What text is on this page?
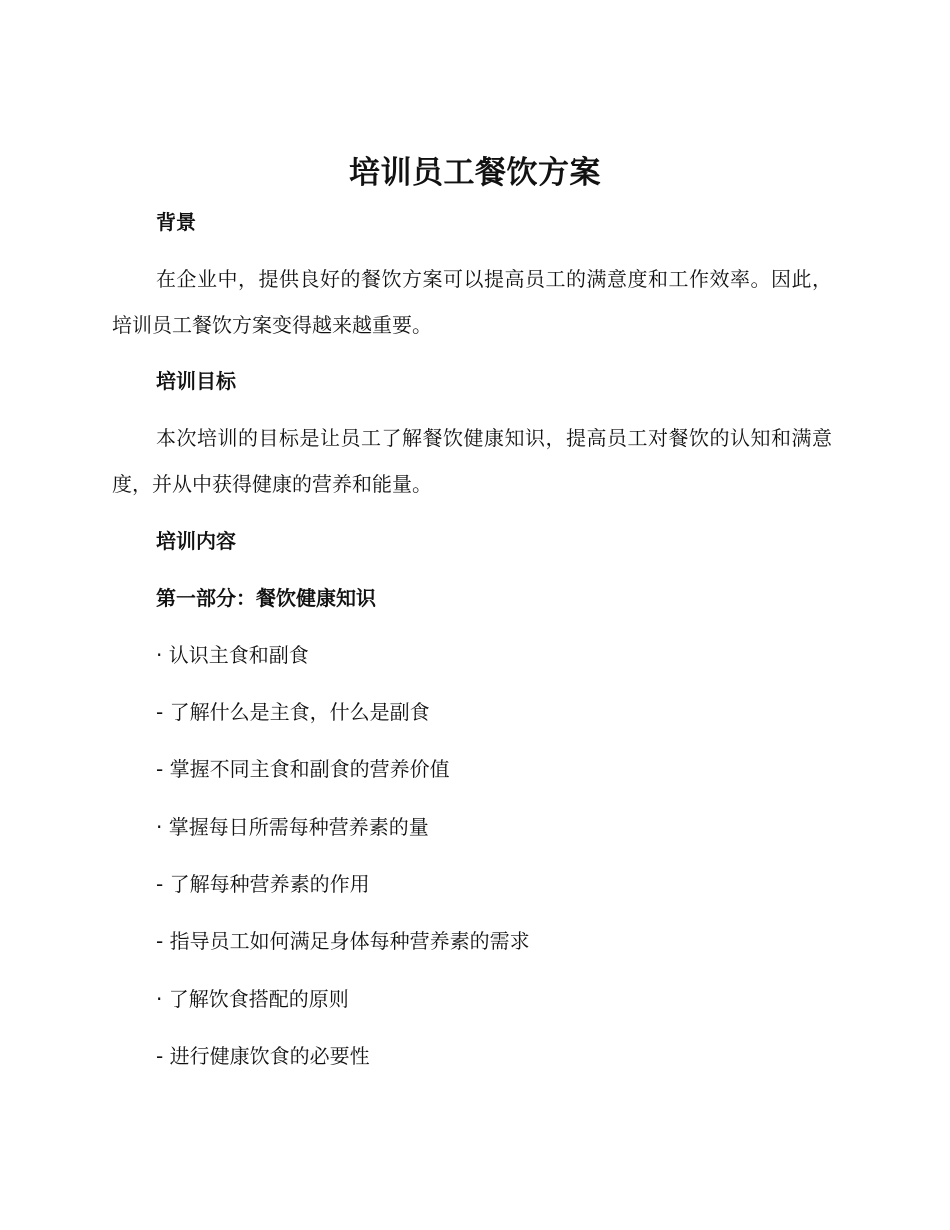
培训员工餐饮方案
背景
在企业中，提供良好的餐饮方案可以提高员工的满意度和工作效率。因此，培训员工餐饮方案变得越来越重要。
培训目标
本次培训的目标是让员工了解餐饮健康知识，提高员工对餐饮的认知和满意度，并从中获得健康的营养和能量。
培训内容
第一部分：餐饮健康知识
· 认识主食和副食
- 了解什么是主食，什么是副食
- 掌握不同主食和副食的营养价值
· 掌握每日所需每种营养素的量
- 了解每种营养素的作用
- 指导员工如何满足身体每种营养素的需求
· 了解饮食搭配的原则
- 进行健康饮食的必要性
